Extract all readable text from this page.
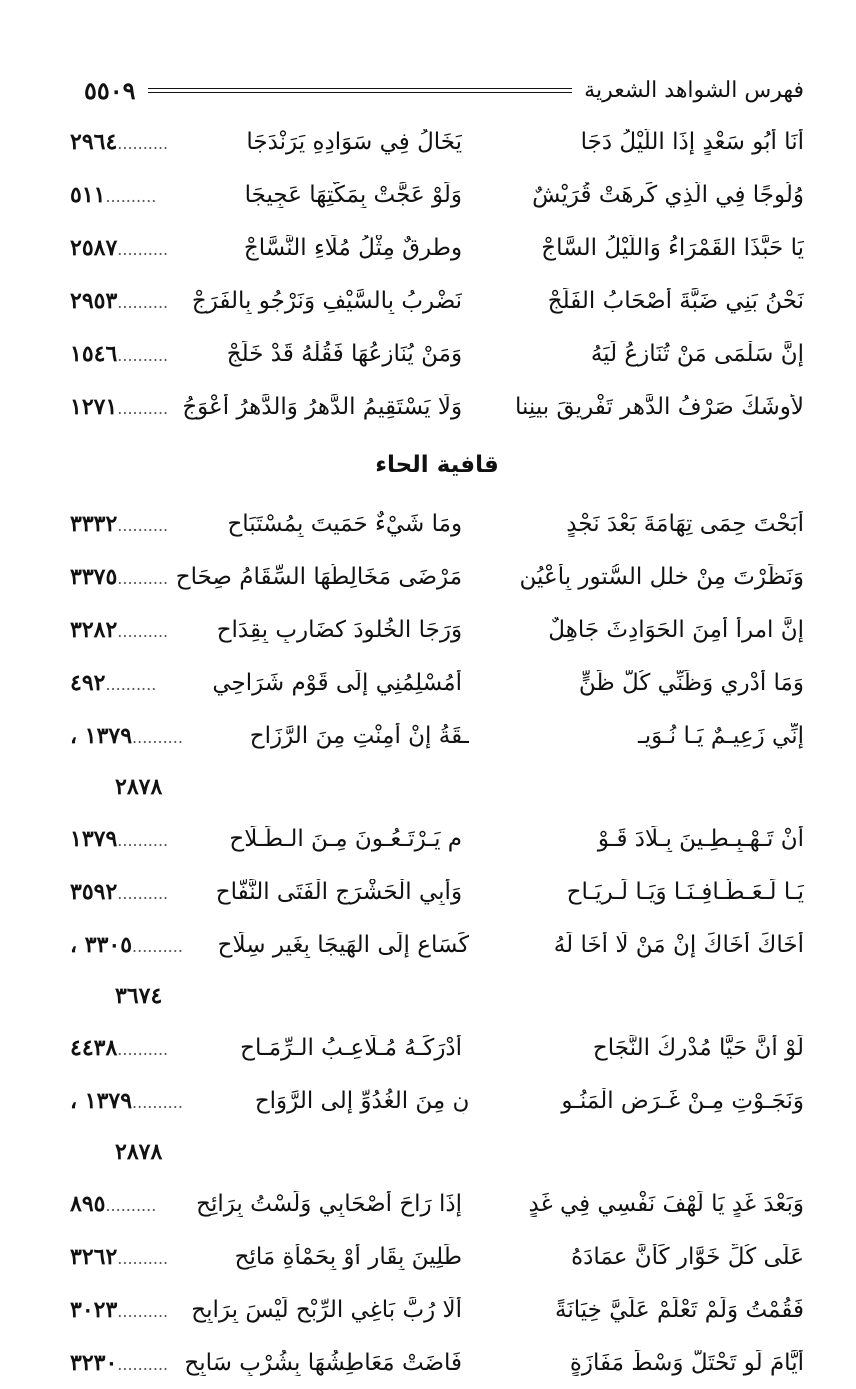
فهرس الشواهد الشعرية
٥٥٠٩
أنَا أبُو سَعْدٍ إذَا اللَّيْلُ دَجَا
يَخَالُ فِي سَوَادِهِ يَرَنْدَجَا
..........٢٩٦٤
وُلُوجًا فِي الَّذِي كَرِهَتْ قُرَيْشٌ
وَلَوْ عَجَّتْ بِمَكَّتِهَا عَجِيجَا
..........٥١١
يَا حَبَّذَا القَمْرَاءُ وَاللَّيْلُ السَّاجْ
وطرقٌ مِثْلُ مُلَاءِ النَّسَّاجْ
..........٢٥٨٧
نَحْنُ بَنِي ضَبَّةَ أَصْحَابُ الفَلَجْ
نَضْرِبُ بِالسَّيْفِ وَنَرْجُو بِالفَرَجْ
..........٢٩٥٣
إنَّ سَلْمَى مَنْ تُنَازِعُ لَيَهُ
وَمَنْ يُنَازِعُهَا فَقُلْهُ قَدْ خَلَجْ
..........١٥٤٦
لأوشَكَ صَرْفُ الدَّهرِ تَفْرِيقَ بينِنا
وَلَا يَسْتَقِيمُ الدَّهرُ وَالدَّهرُ أعْوَجُ
..........١٢٧١
قافية الحاء
أَبَحْتَ حِمَى تِهَامَةَ بَعْدَ نَجْدٍ
ومَا شَيْءٌ حَمَيتَ بِمُسْتَبَاحِ
..........٣٣٣٢
وَنَظَرْتَ مِنْ خللِ السُّتورِ بِأَعْيُنٍ
مَرْضَى مَخَالِطُهَا السِّقَامُ صِحَاحِ
..........٣٣٧٥
إنَّ امرأً أَمِنَ الحَوَادِثَ جَاهِلٌ
وَرَجَا الخُلودَ كضَارِبٍ بِقِدَاحِ
..........٣٢٨٢
وَمَا أَدْرِي وَظَنِّي كُلُّ ظَنٍّ
أَمُسْلِمُنِي إِلَى قَوْمٍ شَرَاحِي
..........٤٩٢
إنِّي زَعِيـمٌ يَـا نُـوَيـ
ـقَةُ إنْ أَمِنْتِ مِنَ الرَّزَاحِ
..........١٣٧٩ ،
٢٨٧٨
أنْ تَـهْـبِـطِـينَ بِـلَادَ قَـوْ
مٍ يَـرْتَـعُـونَ مِـنَ الـطِّـلَاحِ
..........١٣٧٩
يَـا لَـعَـطَّـافِـنَـا وَيَـا لَـرِيَـاحِ
وَأَبِي الْحَشْرَجِ الْفَتَى النَّفَّاحِ
..........٣٥٩٢
أَخَاكَ أَخَاكَ إنْ مَنْ لَا أَخَا لَهُ
كَسَاعٍ إِلَى الهَيجَا بِغَيرِ سِلَاحِ
..........٣٣٠٥ ،
٣٦٧٤
لَوْ أَنَّ حَيًّا مُدْرِكُ النَّجَاحِ
أَدْرَكَـهُ مُـلَاعِـبُ الـرِّمَـاحِ
..........٤٤٣٨
وَنَجَـوْتِ مِـنْ غَـرَضِ الْمَنُـو
نِ مِنَ الغُدُوِّ إلى الرَّوَاحِ
..........١٣٧٩ ،
٢٨٧٨
وَبَعْدَ غَدٍ يَا لَهْفَ نَفْسِي فِي غَدٍ
إذَا رَاحَ أَصْحَابِي وَلَسْتُ بِرَائِحِ
..........٨٩٥
عَلَى كُلِّ خَوَّارٍ كَأَنَّ عمَادَهُ
طَلِينَ بِقَارٍ أَوْ بِحَمْأَةِ مَائِحِ
..........٣٢٦٢
فَقُمْتُ وَلَمْ تَعْلَمْ عَلَيَّ خِيَانَةً
أَلَا رُبَّ بَاغِي الرِّبْحِ لَيْسَ بِرَابِحِ
..........٣٠٢٣
أَيَّامَ لَو تَحْتَلُّ وَسْطَ مَفَازَةٍ
فَاضَتْ مَعَاطِشُهَا بِشُرْبٍ سَابِحِ
..........٣٢٣٠
